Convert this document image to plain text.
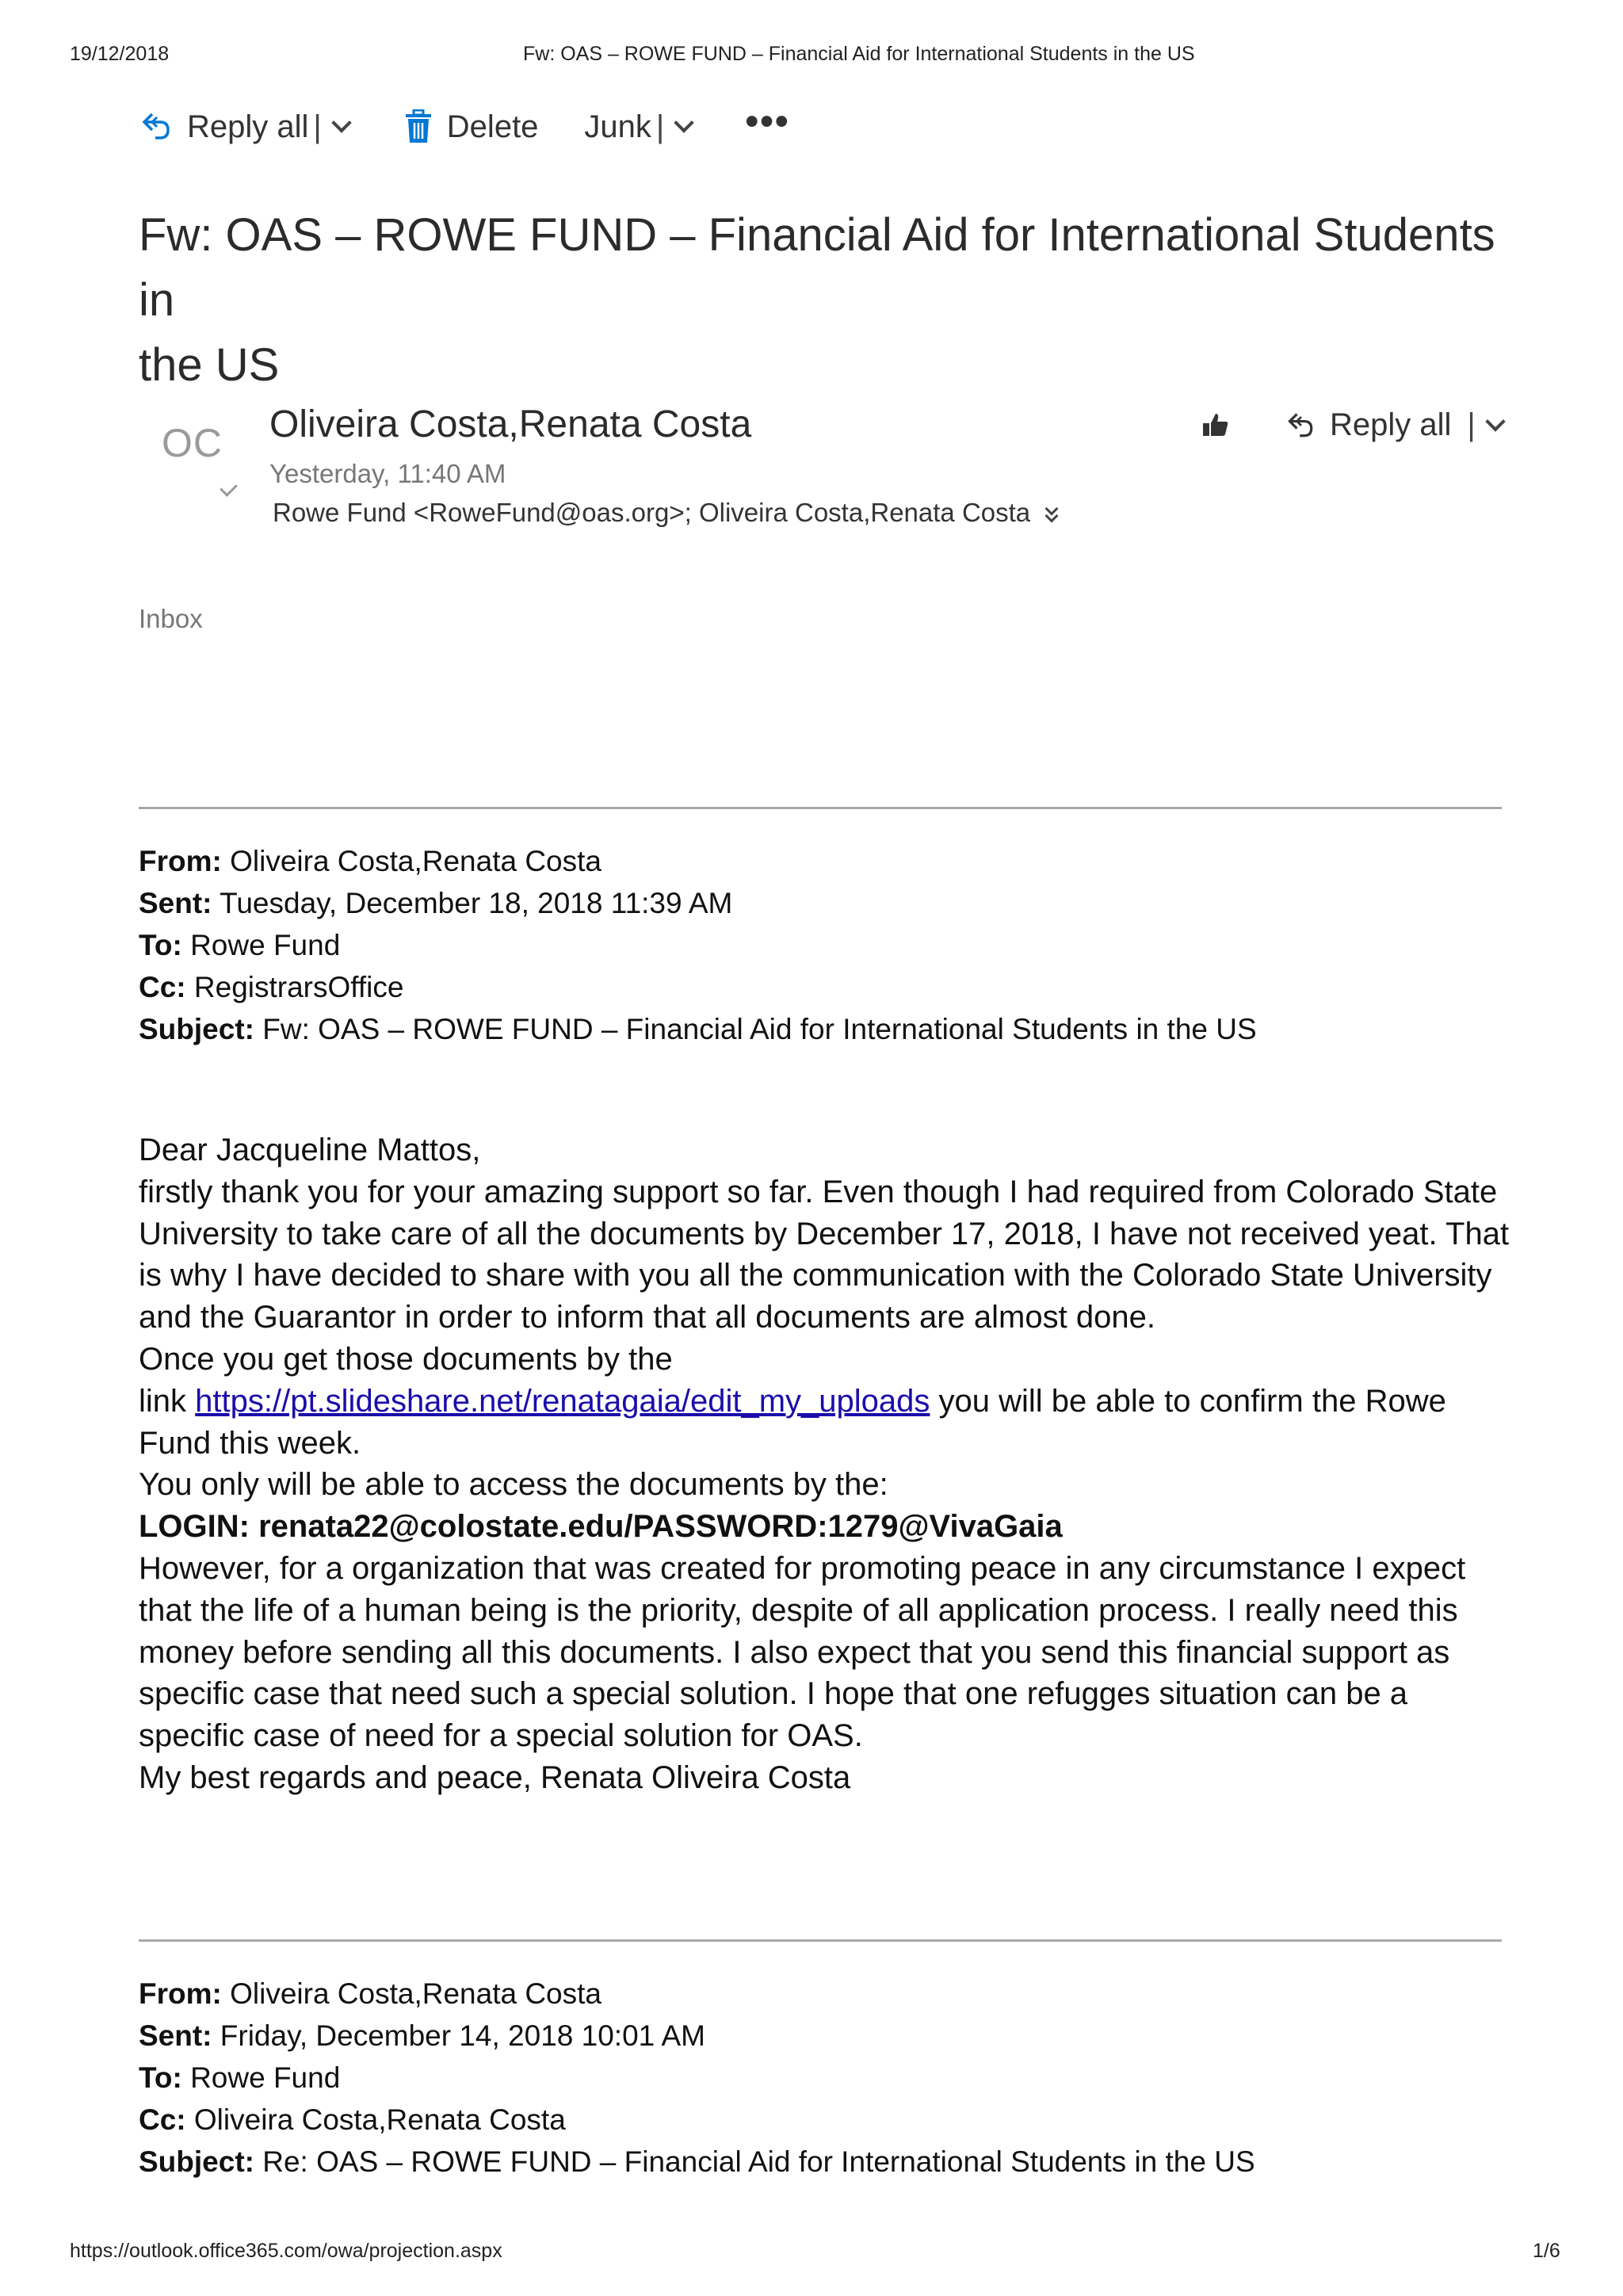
19/12/2018	Fw: OAS – ROWE FUND – Financial Aid for International Students in the US
Reply all |	Delete Junk | •••
Fw: OAS – ROWE FUND – Financial Aid for International Students in
the US
OC Oliveira Costa,Renata Costa
Yesterday, 11:40 AM
Rowe Fund <RoweFund@oas.org>; Oliveira Costa,Renata Costa
Reply all |
Inbox
From: Oliveira Costa,Renata Costa
Sent: Tuesday, December 18, 2018 11:39 AM
To: Rowe Fund
Cc: RegistrarsOffice
Subject: Fw: OAS – ROWE FUND – Financial Aid for International Students in the US

Dear Jacqueline Mattos,

firstly thank you for your amazing support so far. Even though I had required from Colorado State

University to take care of all the documents by December 17, 2018, I have not received yeat. That

is why I have decided to share with you all the communication with the Colorado State University

and the Guarantor in order to inform that all documents are almost done.

Once you get those documents by the

link https://pt.slideshare.net/renatagaia/edit_my_uploads you will be able to confirm the Rowe

Fund this week.

You only will be able to access the documents by the:

LOGIN: renata22@colostate.edu/PASSWORD:1279@VivaGaia

However, for a organization that was created for promoting peace in any circumstance I expect

that the life of a human being is the priority, despite of all application process. I really need this

money before sending all this documents. I also expect that you send this financial support as

specific case that need such a special solution. I hope that one refugges situation can be a

specific case of need for a special solution for OAS.

My best regards and peace, Renata Oliveira Costa

From: Oliveira Costa,Renata Costa
Sent: Friday, December 14, 2018 10:01 AM
To: Rowe Fund
Cc: Oliveira Costa,Renata Costa
Subject: Re: OAS – ROWE FUND – Financial Aid for International Students in the US
https://outlook.office365.com/owa/projection.aspx	1/6
